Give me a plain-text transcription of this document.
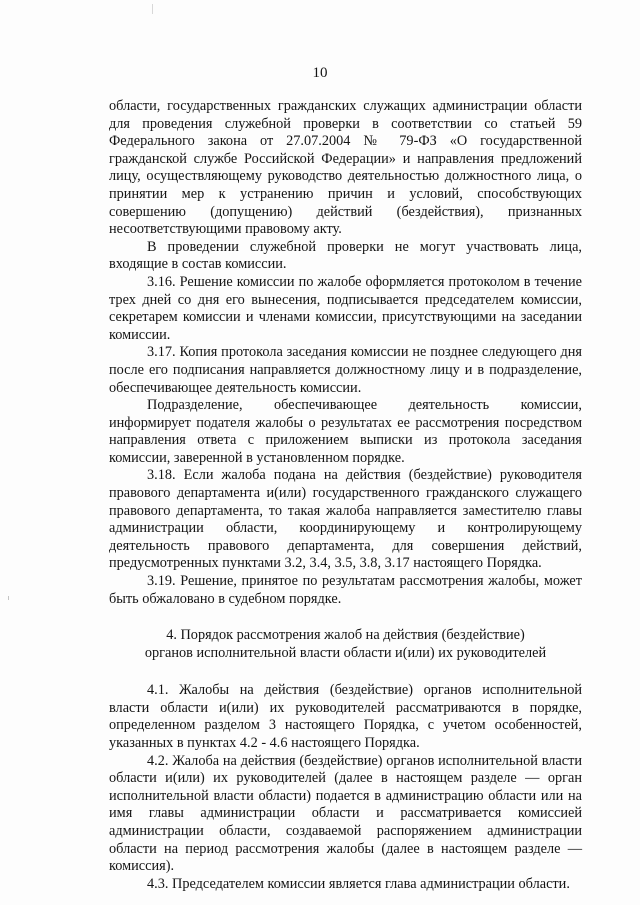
10

области, государственных гражданских служащих администрации области для проведения служебной проверки в соответствии со статьей 59 Федерального закона от 27.07.2004 № 79-ФЗ «О государственной гражданской службе Российской Федерации» и направления предложений лицу, осуществляющему руководство деятельностью должностного лица, о принятии мер к устранению причин и условий, способствующих совершению (допущению) действий (бездействия), признанных несоответствующими правовому акту.

В проведении служебной проверки не могут участвовать лица, входящие в состав комиссии.

3.16. Решение комиссии по жалобе оформляется протоколом в течение трех дней со дня его вынесения, подписывается председателем комиссии, секретарем комиссии и членами комиссии, присутствующими на заседании комиссии.

3.17. Копия протокола заседания комиссии не позднее следующего дня после его подписания направляется должностному лицу и в подразделение, обеспечивающее деятельность комиссии.

Подразделение, обеспечивающее деятельность комиссии, информирует подателя жалобы о результатах ее рассмотрения посредством направления ответа с приложением выписки из протокола заседания комиссии, заверенной в установленном порядке.

3.18. Если жалоба подана на действия (бездействие) руководителя правового департамента и(или) государственного гражданского служащего правового департамента, то такая жалоба направляется заместителю главы администрации области, координирующему и контролирующему деятельность правового департамента, для совершения действий, предусмотренных пунктами 3.2, 3.4, 3.5, 3.8, 3.17 настоящего Порядка.

3.19. Решение, принятое по результатам рассмотрения жалобы, может быть обжаловано в судебном порядке.

4. Порядок рассмотрения жалоб на действия (бездействие)
органов исполнительной власти области и(или) их руководителей

4.1. Жалобы на действия (бездействие) органов исполнительной власти области и(или) их руководителей рассматриваются в порядке, определенном разделом 3 настоящего Порядка, с учетом особенностей, указанных в пунктах 4.2 - 4.6 настоящего Порядка.

4.2. Жалоба на действия (бездействие) органов исполнительной власти области и(или) их руководителей (далее в настоящем разделе — орган исполнительной власти области) подается в администрацию области или на имя главы администрации области и рассматривается комиссией администрации области, создаваемой распоряжением администрации области на период рассмотрения жалобы (далее в настоящем разделе — комиссия).

4.3. Председателем комиссии является глава администрации области.
